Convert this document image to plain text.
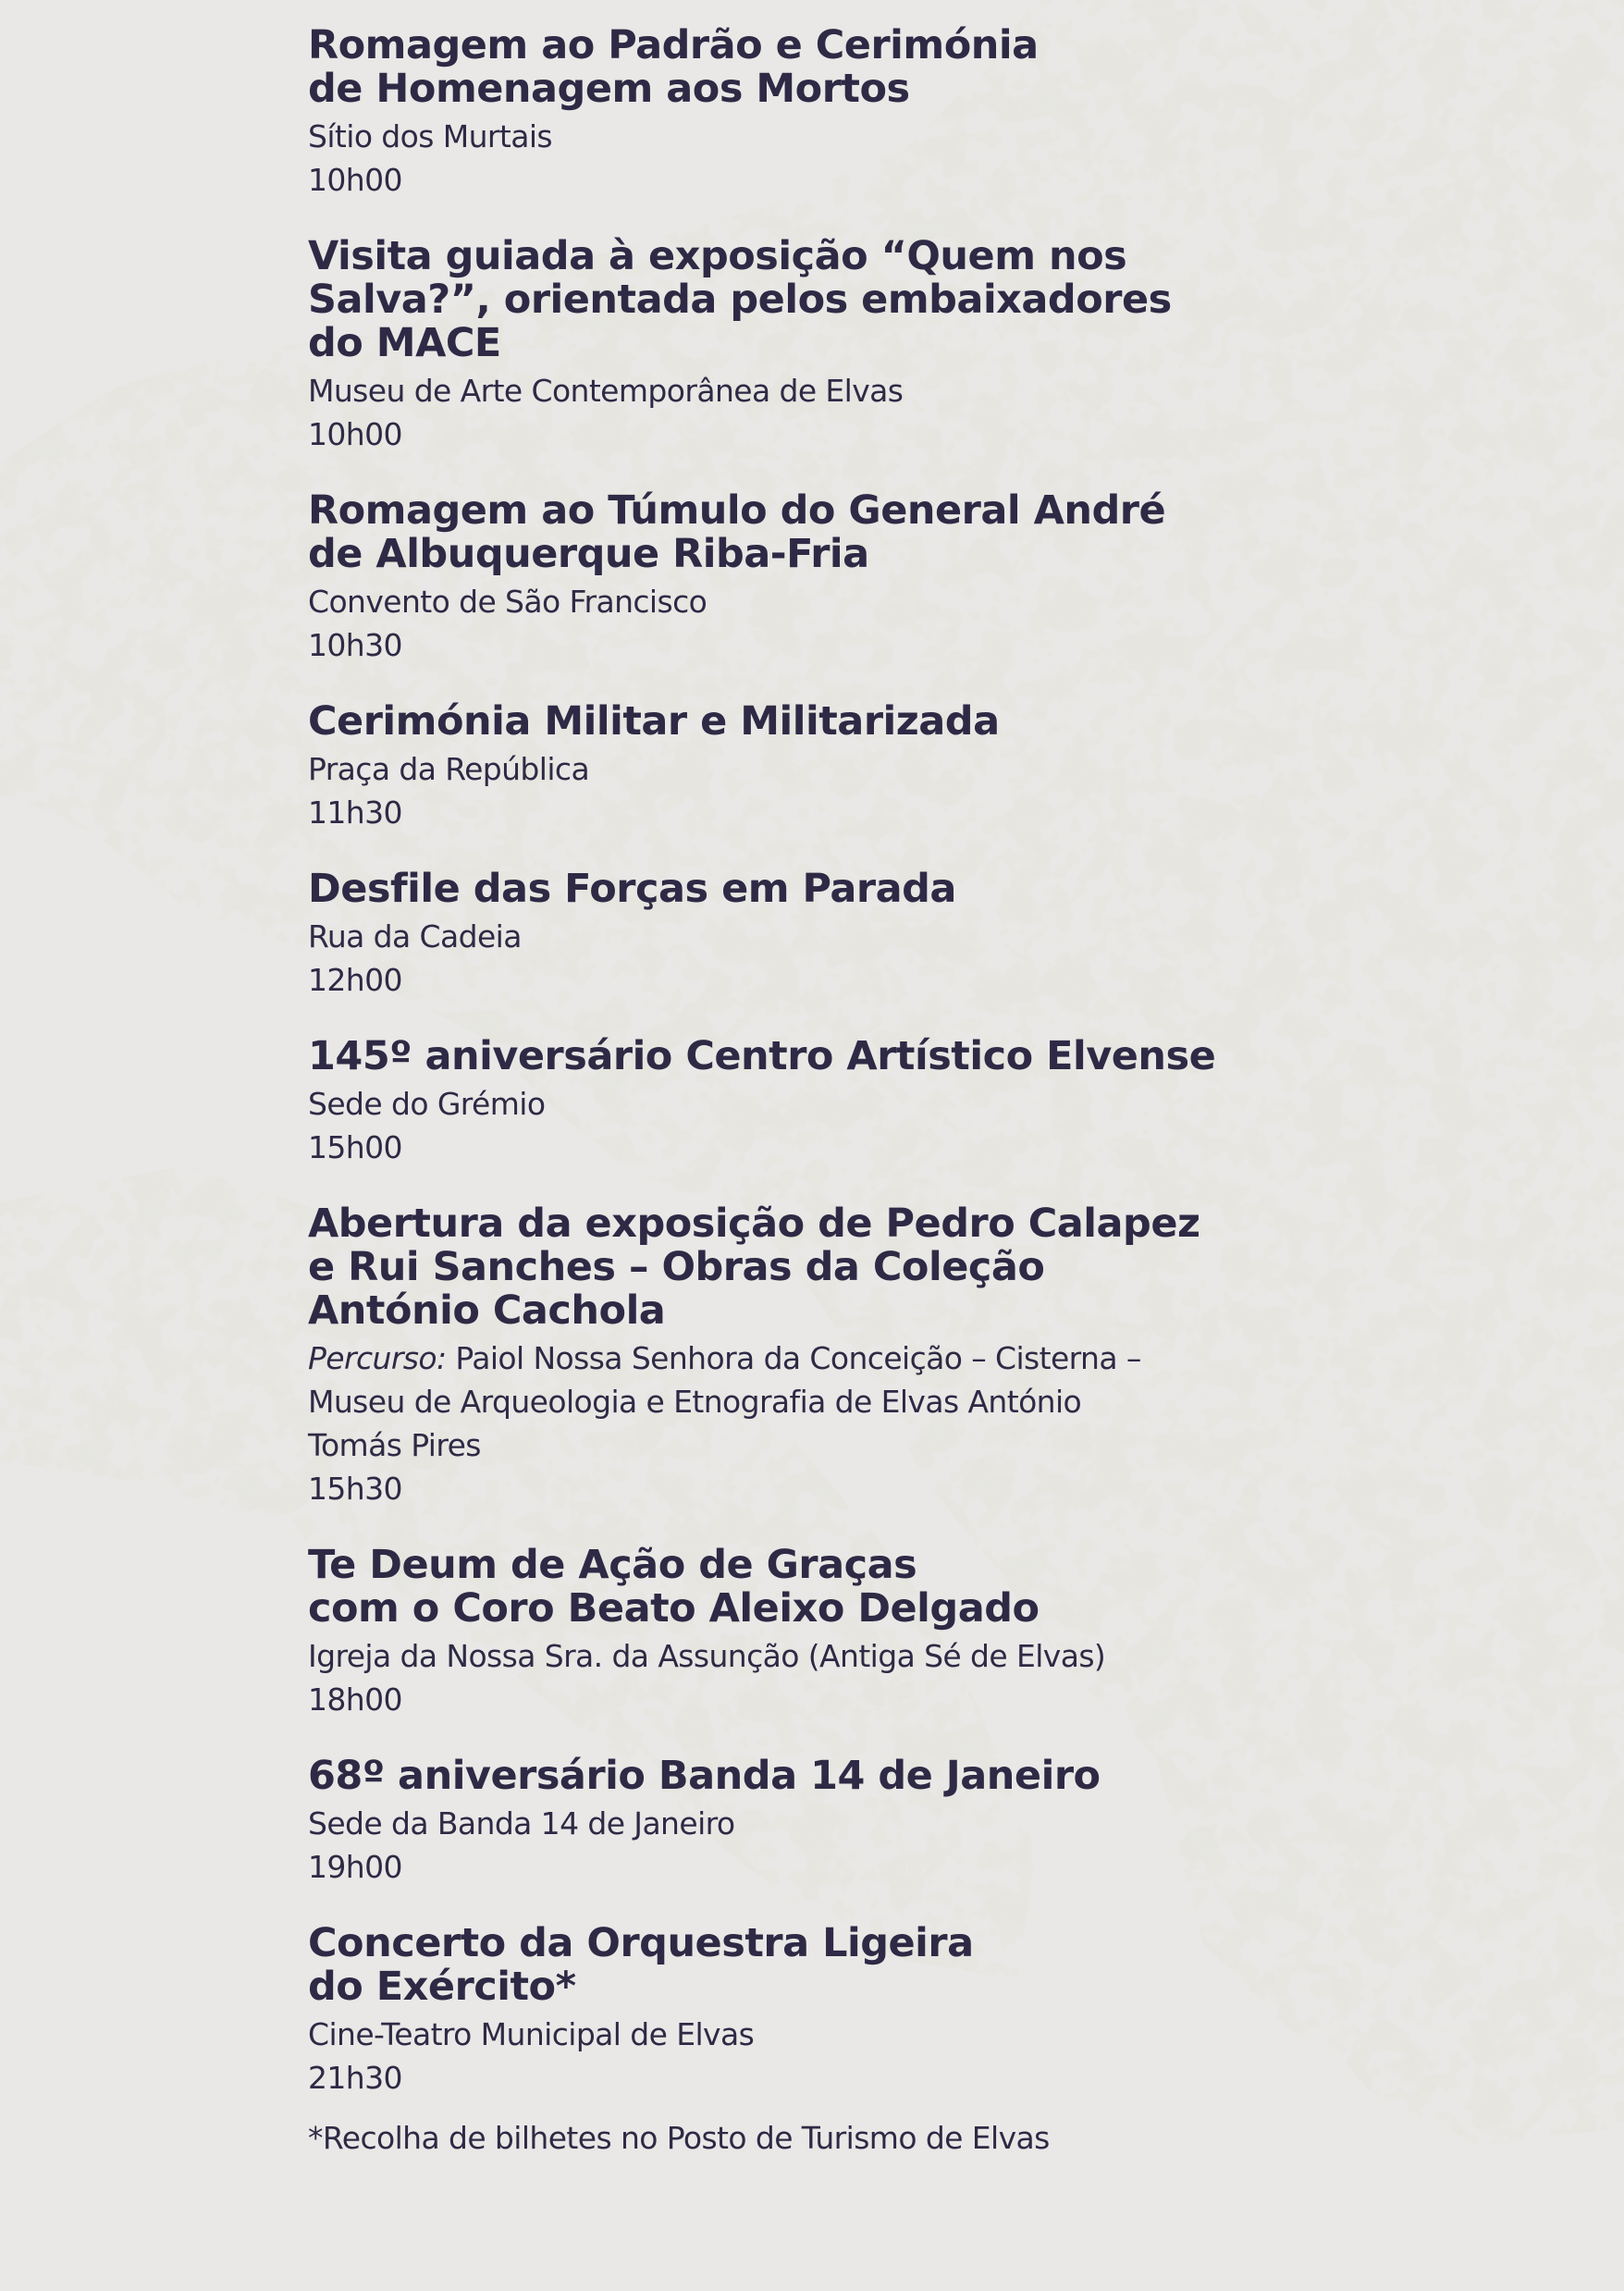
Romagem ao Padrão e Cerimónia
de Homenagem aos Mortos
Sítio dos Murtais
10h00
Visita guiada à exposição “Quem nos
Salva?”, orientada pelos embaixadores
do MACE
Museu de Arte Contemporânea de Elvas
10h00
Romagem ao Túmulo do General André
de Albuquerque Riba-Fria
Convento de São Francisco
10h30
Cerimónia Militar e Militarizada
Praça da República
11h30
Desfile das Forças em Parada
Rua da Cadeia
12h00
145º aniversário Centro Artístico Elvense
Sede do Grémio
15h00
Abertura da exposição de Pedro Calapez
e Rui Sanches – Obras da Coleção
António Cachola
Percurso: Paiol Nossa Senhora da Conceição – Cisterna –
Museu de Arqueologia e Etnografia de Elvas António
Tomás Pires
15h30
Te Deum de Ação de Graças
com o Coro Beato Aleixo Delgado
Igreja da Nossa Sra. da Assunção (Antiga Sé de Elvas)
18h00
68º aniversário Banda 14 de Janeiro
Sede da Banda 14 de Janeiro
19h00
Concerto da Orquestra Ligeira
do Exército*
Cine-Teatro Municipal de Elvas
21h30
*Recolha de bilhetes no Posto de Turismo de Elvas
